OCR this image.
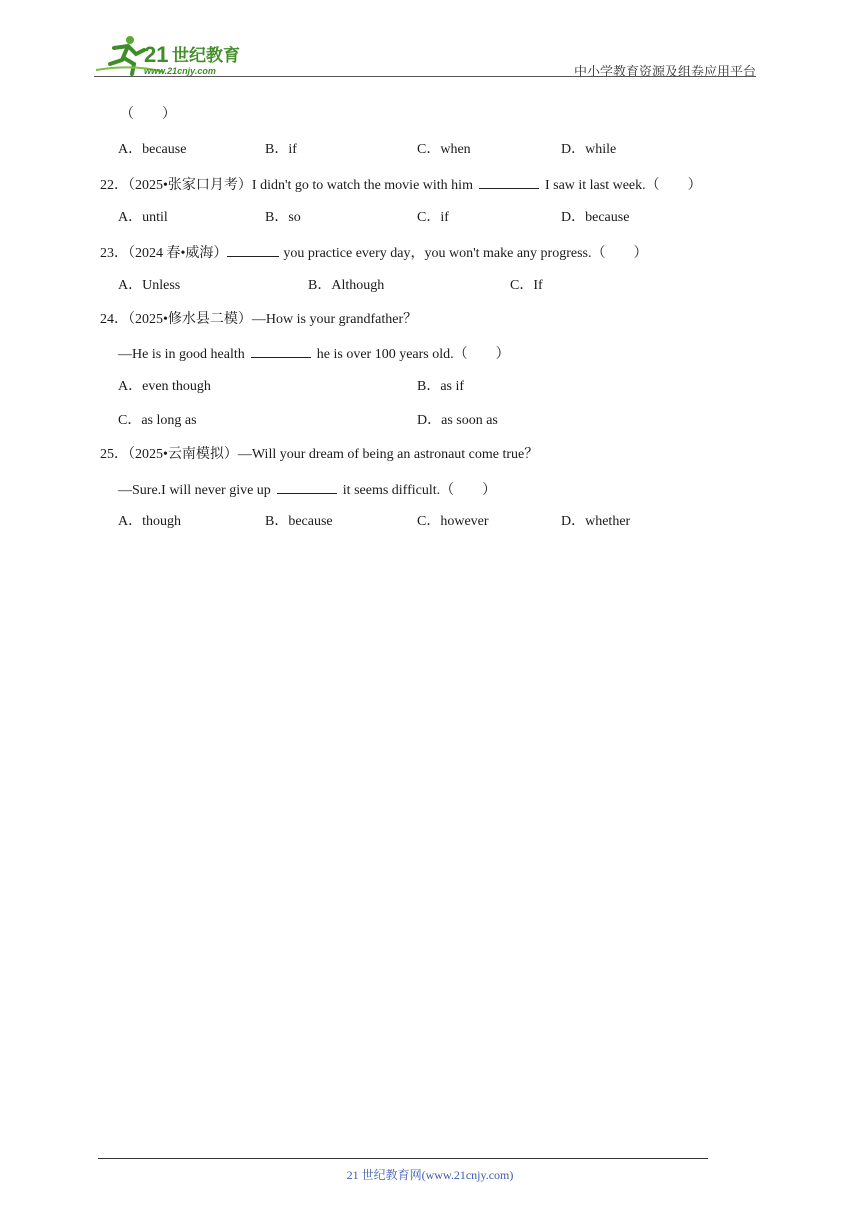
21 世纪教育
www.21cnjy.com	中小学教育资源及组卷应用平台
（　　）
A．because	B．if	C．when	D．while
22．（2025•张家口月考）I didn't go to watch the movie with him	I saw it last week.（　　）
A．until	B．so	C．if	D．because
23．（2024 春•威海）	you practice every day，you won't make any progress.（　　）
A．Unless	B．Although	C．If
24．（2025•修水县二模）—How is your grandfather？
—He is in good health	he is over 100 years old.（　　）
A．even though	B．as if
C．as long as	D．as soon as
25．（2025•云南模拟）—Will your dream of being an astronaut come true？
—Sure.I will never give up	it seems difficult.（　　）
A．though	B．because	C．however	D．whether
21 世纪教育网(www.21cnjy.com)
